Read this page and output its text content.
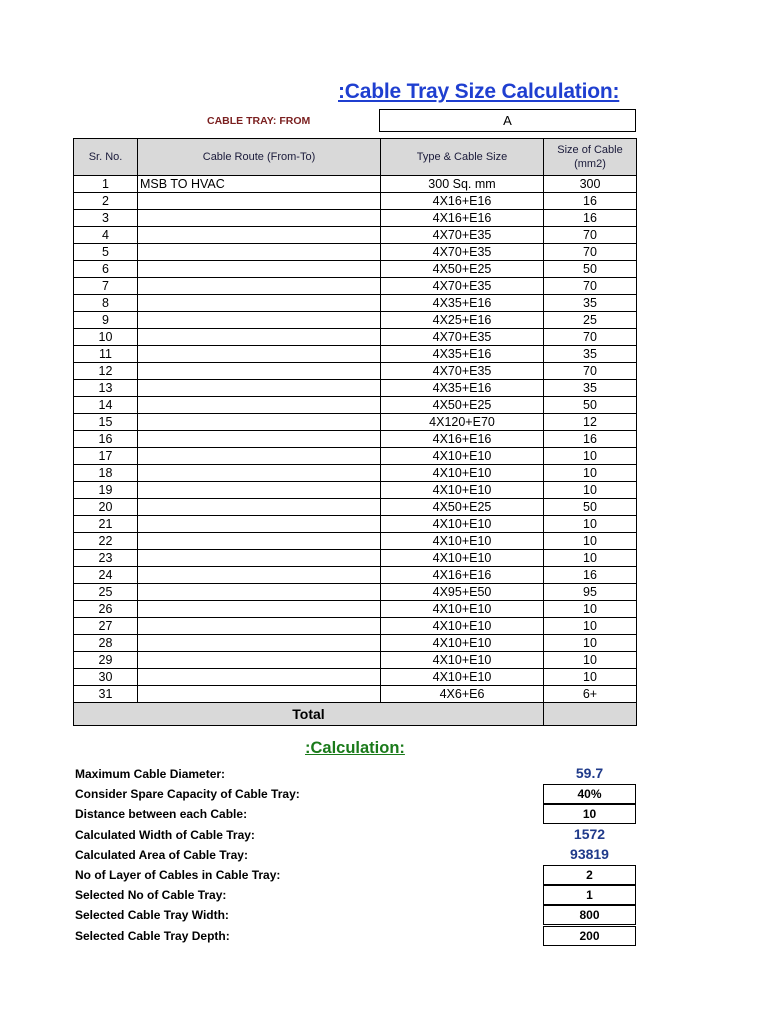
:Cable Tray Size Calculation:
CABLE TRAY: FROM	A
Sr. No.	Cable Route (From-To)	Type & Cable Size	Size of Cable
(mm2)
1	MSB TO HVAC	300 Sq. mm	300
2		4X16+E16	16
3		4X16+E16	16
4		4X70+E35	70
5		4X70+E35	70
6		4X50+E25	50
7		4X70+E35	70
8		4X35+E16	35
9		4X25+E16	25
10		4X70+E35	70
11		4X35+E16	35
12		4X70+E35	70
13		4X35+E16	35
14		4X50+E25	50
15		4X120+E70	12
16		4X16+E16	16
17		4X10+E10	10
18		4X10+E10	10
19		4X10+E10	10
20		4X50+E25	50
21		4X10+E10	10
22		4X10+E10	10
23		4X10+E10	10
24		4X16+E16	16
25		4X95+E50	95
26		4X10+E10	10
27		4X10+E10	10
28		4X10+E10	10
29		4X10+E10	10
30		4X10+E10	10
31		4X6+E6	6+
Total			
:Calculation:
Maximum Cable Diameter:	59.7
Consider Spare Capacity of Cable Tray:	40%
Distance between each Cable:	10
Calculated Width of Cable Tray:	1572
Calculated Area of Cable Tray:	93819
No of Layer of Cables in Cable Tray:	2
Selected No of Cable Tray:	1
Selected Cable Tray Width:	800
Selected Cable Tray Depth:	200
